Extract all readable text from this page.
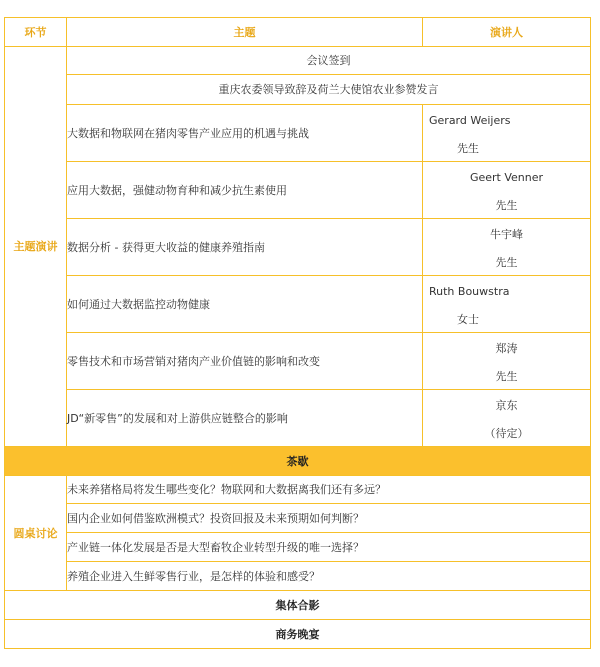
环节	主题	演讲人
主题演讲	会议签到	
	重庆农委领导致辞及荷兰大使馆农业参赞发言	
	大数据和物联网在猪肉零售产业应用的机遇与挑战	Gerard Weijers
先生

	应用大数据，强健动物育种和减少抗生素使用	Geert Venner
先生

	数据分析 - 获得更大收益的健康养殖指南	牛宇峰
先生

	如何通过大数据监控动物健康	Ruth Bouwstra
女士

	零售技术和市场营销对猪肉产业价值链的影响和改变	郑涛
先生

	JD“新零售”的发展和对上游供应链整合的影响	京东
（待定）

茶歇		
圆桌讨论	未来养猪格局将发生哪些变化？物联网和大数据离我们还有多远？	
	国内企业如何借鉴欧洲模式？投资回报及未来预期如何判断？	
	产业链一体化发展是否是大型畜牧企业转型升级的唯一选择？	
	养殖企业进入生鲜零售行业，是怎样的体验和感受？	
集体合影		
商务晚宴		
